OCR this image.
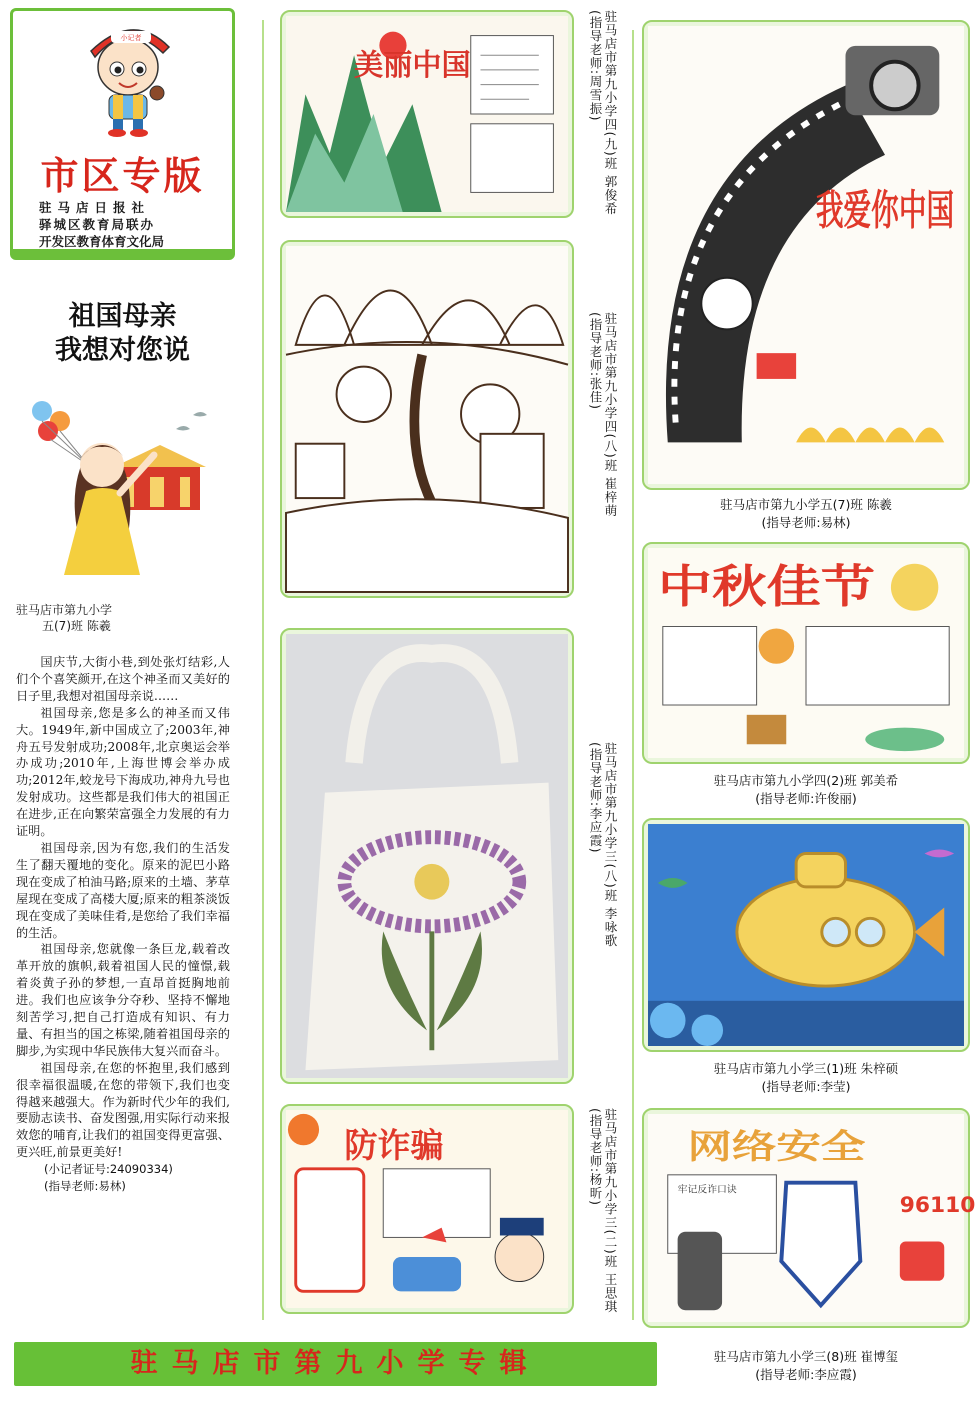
小记者
市区专版
驻马店日报社
驿城区教育局联办
开发区教育体育文化局
祖国母亲
我想对您说
驻马店市第九小学
五(7)班 陈羲

国庆节,大街小巷,到处张灯结彩,人们个个喜笑颜开,在这个神圣而又美好的日子里,我想对祖国母亲说……

祖国母亲,您是多么的神圣而又伟大。1949年,新中国成立了;2003年,神舟五号发射成功;2008年,北京奥运会举办成功;2010年,上海世博会举办成功;2012年,蛟龙号下海成功,神舟九号也发射成功。这些都是我们伟大的祖国正在进步,正在向繁荣富强全力发展的有力证明。

祖国母亲,因为有您,我们的生活发生了翻天覆地的变化。原来的泥巴小路现在变成了柏油马路;原来的土墙、茅草屋现在变成了高楼大厦;原来的粗茶淡饭现在变成了美味佳肴,是您给了我们幸福的生活。

祖国母亲,您就像一条巨龙,载着改革开放的旗帜,载着祖国人民的憧憬,载着炎黄子孙的梦想,一直昂首挺胸地前进。我们也应该争分夺秒、坚持不懈地刻苦学习,把自己打造成有知识、有力量、有担当的国之栋梁,随着祖国母亲的脚步,为实现中华民族伟大复兴而奋斗。

祖国母亲,在您的怀抱里,我们感到很幸福很温暖,在您的带领下,我们也变得越来越强大。作为新时代少年的我们,要励志读书、奋发图强,用实际行动来报效您的哺育,让我们的祖国变得更富强、更兴旺,前景更美好!

(小记者证号:24090334)

(指导老师:易林)

美丽中国
防诈骗
驻马店市第九小学四(九)班 郭俊希
(指导老师:周雪振)
驻马店市第九小学四(八)班 崔梓萌
(指导老师:张佳)
驻马店市第九小学三(八)班 李咏歌
(指导老师:李应霞)
驻马店市第九小学三(二)班 王思琪
(指导老师:杨昕)
我爱你中国
驻马店市第九小学五(7)班 陈羲
(指导老师:易林)
中秋佳节
驻马店市第九小学四(2)班 郭美希
(指导老师:许俊丽)
驻马店市第九小学三(1)班 朱梓硕
(指导老师:李莹)
网络安全
牢记反诈口诀
96110
驻马店市第九小学三(8)班 崔博玺
(指导老师:李应霞)
驻马店市第九小学专辑
